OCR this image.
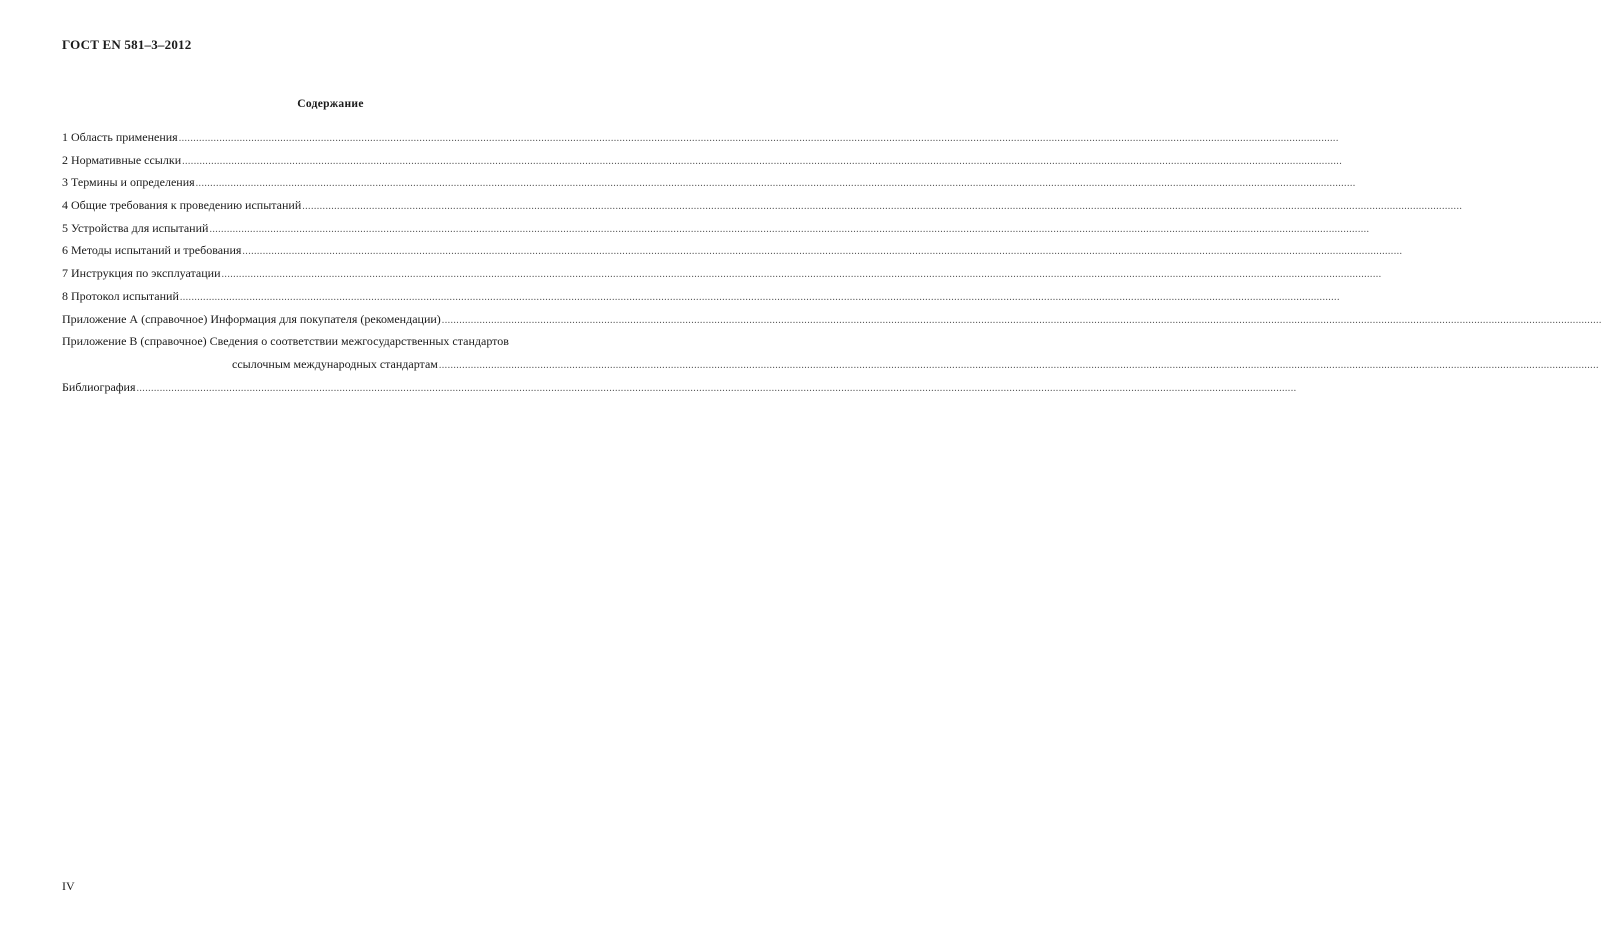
ГОСТ EN 581–3–2012
Содержание
1 Область применения ................................................................................................................................................................................................................................................................................................................................................................................................................
2 Нормативные ссылки ................................................................................................................................................................................................................................................................................................................................................................................................................
3 Термины и определения ................................................................................................................................................................................................................................................................................................................................................................................................................
4 Общие требования к проведению испытаний ................................................................................................................................................................................................................................................................................................................................................................................................................
5 Устройства для испытаний ................................................................................................................................................................................................................................................................................................................................................................................................................
6 Методы испытаний и требования ................................................................................................................................................................................................................................................................................................................................................................................................................
7 Инструкция по эксплуатации ................................................................................................................................................................................................................................................................................................................................................................................................................
8 Протокол испытаний ................................................................................................................................................................................................................................................................................................................................................................................................................
Приложение А (справочное) Информация для покупателя (рекомендации) ................................................................................................................................................................................................................................................................................................................................................................................................................
Приложение В (справочное) Сведения о соответствии межгосударственных стандартов
ссылочным международных стандартам ................................................................................................................................................................................................................................................................................................................................................................................................................
Библиография ................................................................................................................................................................................................................................................................................................................................................................................................................
IV
